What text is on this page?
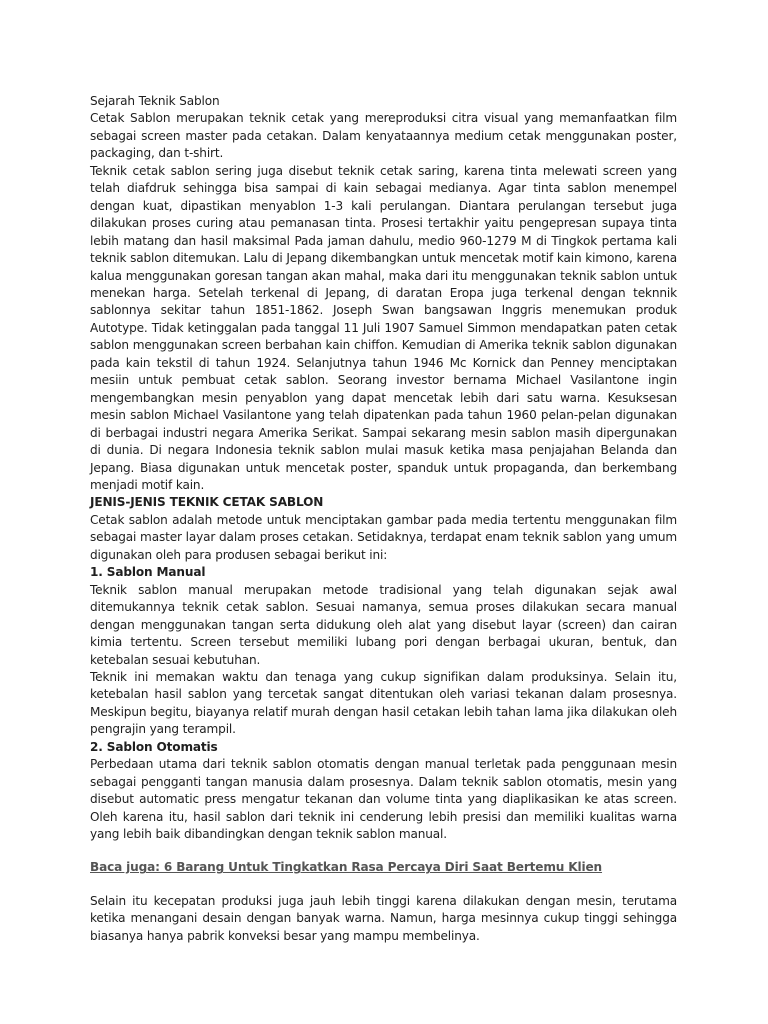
Sejarah Teknik Sablon

Cetak Sablon merupakan teknik cetak yang mereproduksi citra visual yang memanfaatkan film sebagai screen master pada cetakan. Dalam kenyataannya medium cetak menggunakan poster, packaging, dan t-shirt.

Teknik cetak sablon sering juga disebut teknik cetak saring, karena tinta melewati screen yang telah diafdruk sehingga bisa sampai di kain sebagai medianya. Agar tinta sablon menempel dengan kuat, dipastikan menyablon 1-3 kali perulangan. Diantara perulangan tersebut juga dilakukan proses curing atau pemanasan tinta. Prosesi tertakhir yaitu pengepresan supaya tinta lebih matang dan hasil maksimal Pada jaman dahulu, medio 960-1279 M di Tingkok pertama kali teknik sablon ditemukan. Lalu di Jepang dikembangkan untuk mencetak motif kain kimono, karena kalua menggunakan goresan tangan akan mahal, maka dari itu menggunakan teknik sablon untuk menekan harga. Setelah terkenal di Jepang, di daratan Eropa juga terkenal dengan teknnik sablonnya sekitar tahun 1851-1862. Joseph Swan bangsawan Inggris menemukan produk Autotype. Tidak ketinggalan pada tanggal 11 Juli 1907 Samuel Simmon mendapatkan paten cetak sablon menggunakan screen berbahan kain chiffon. Kemudian di Amerika teknik sablon digunakan pada kain tekstil di tahun 1924. Selanjutnya tahun 1946 Mc Kornick dan Penney menciptakan mesiin untuk pembuat cetak sablon. Seorang investor bernama Michael Vasilantone ingin mengembangkan mesin penyablon yang dapat mencetak lebih dari satu warna. Kesuksesan mesin sablon Michael Vasilantone yang telah dipatenkan pada tahun 1960 pelan-pelan digunakan di berbagai industri negara Amerika Serikat. Sampai sekarang mesin sablon masih dipergunakan di dunia. Di negara Indonesia teknik sablon mulai masuk ketika masa penjajahan Belanda dan Jepang. Biasa digunakan untuk mencetak poster, spanduk untuk propaganda, dan berkembang menjadi motif kain.

JENIS-JENIS TEKNIK CETAK SABLON

Cetak sablon adalah metode untuk menciptakan gambar pada media tertentu menggunakan film sebagai master layar dalam proses cetakan. Setidaknya, terdapat enam teknik sablon yang umum digunakan oleh para produsen sebagai berikut ini:

1. Sablon Manual

Teknik sablon manual merupakan metode tradisional yang telah digunakan sejak awal ditemukannya teknik cetak sablon. Sesuai namanya, semua proses dilakukan secara manual dengan menggunakan tangan serta didukung oleh alat yang disebut layar (screen) dan cairan kimia tertentu. Screen tersebut memiliki lubang pori dengan berbagai ukuran, bentuk, dan ketebalan sesuai kebutuhan.

Teknik ini memakan waktu dan tenaga yang cukup signifikan dalam produksinya. Selain itu, ketebalan hasil sablon yang tercetak sangat ditentukan oleh variasi tekanan dalam prosesnya. Meskipun begitu, biayanya relatif murah dengan hasil cetakan lebih tahan lama jika dilakukan oleh pengrajin yang terampil.

2. Sablon Otomatis

Perbedaan utama dari teknik sablon otomatis dengan manual terletak pada penggunaan mesin sebagai pengganti tangan manusia dalam prosesnya. Dalam teknik sablon otomatis, mesin yang disebut automatic press mengatur tekanan dan volume tinta yang diaplikasikan ke atas screen. Oleh karena itu, hasil sablon dari teknik ini cenderung lebih presisi dan memiliki kualitas warna yang lebih baik dibandingkan dengan teknik sablon manual.

Baca juga: 6 Barang Untuk Tingkatkan Rasa Percaya Diri Saat Bertemu Klien

Selain itu kecepatan produksi juga jauh lebih tinggi karena dilakukan dengan mesin, terutama ketika menangani desain dengan banyak warna. Namun, harga mesinnya cukup tinggi sehingga biasanya hanya pabrik konveksi besar yang mampu membelinya.
